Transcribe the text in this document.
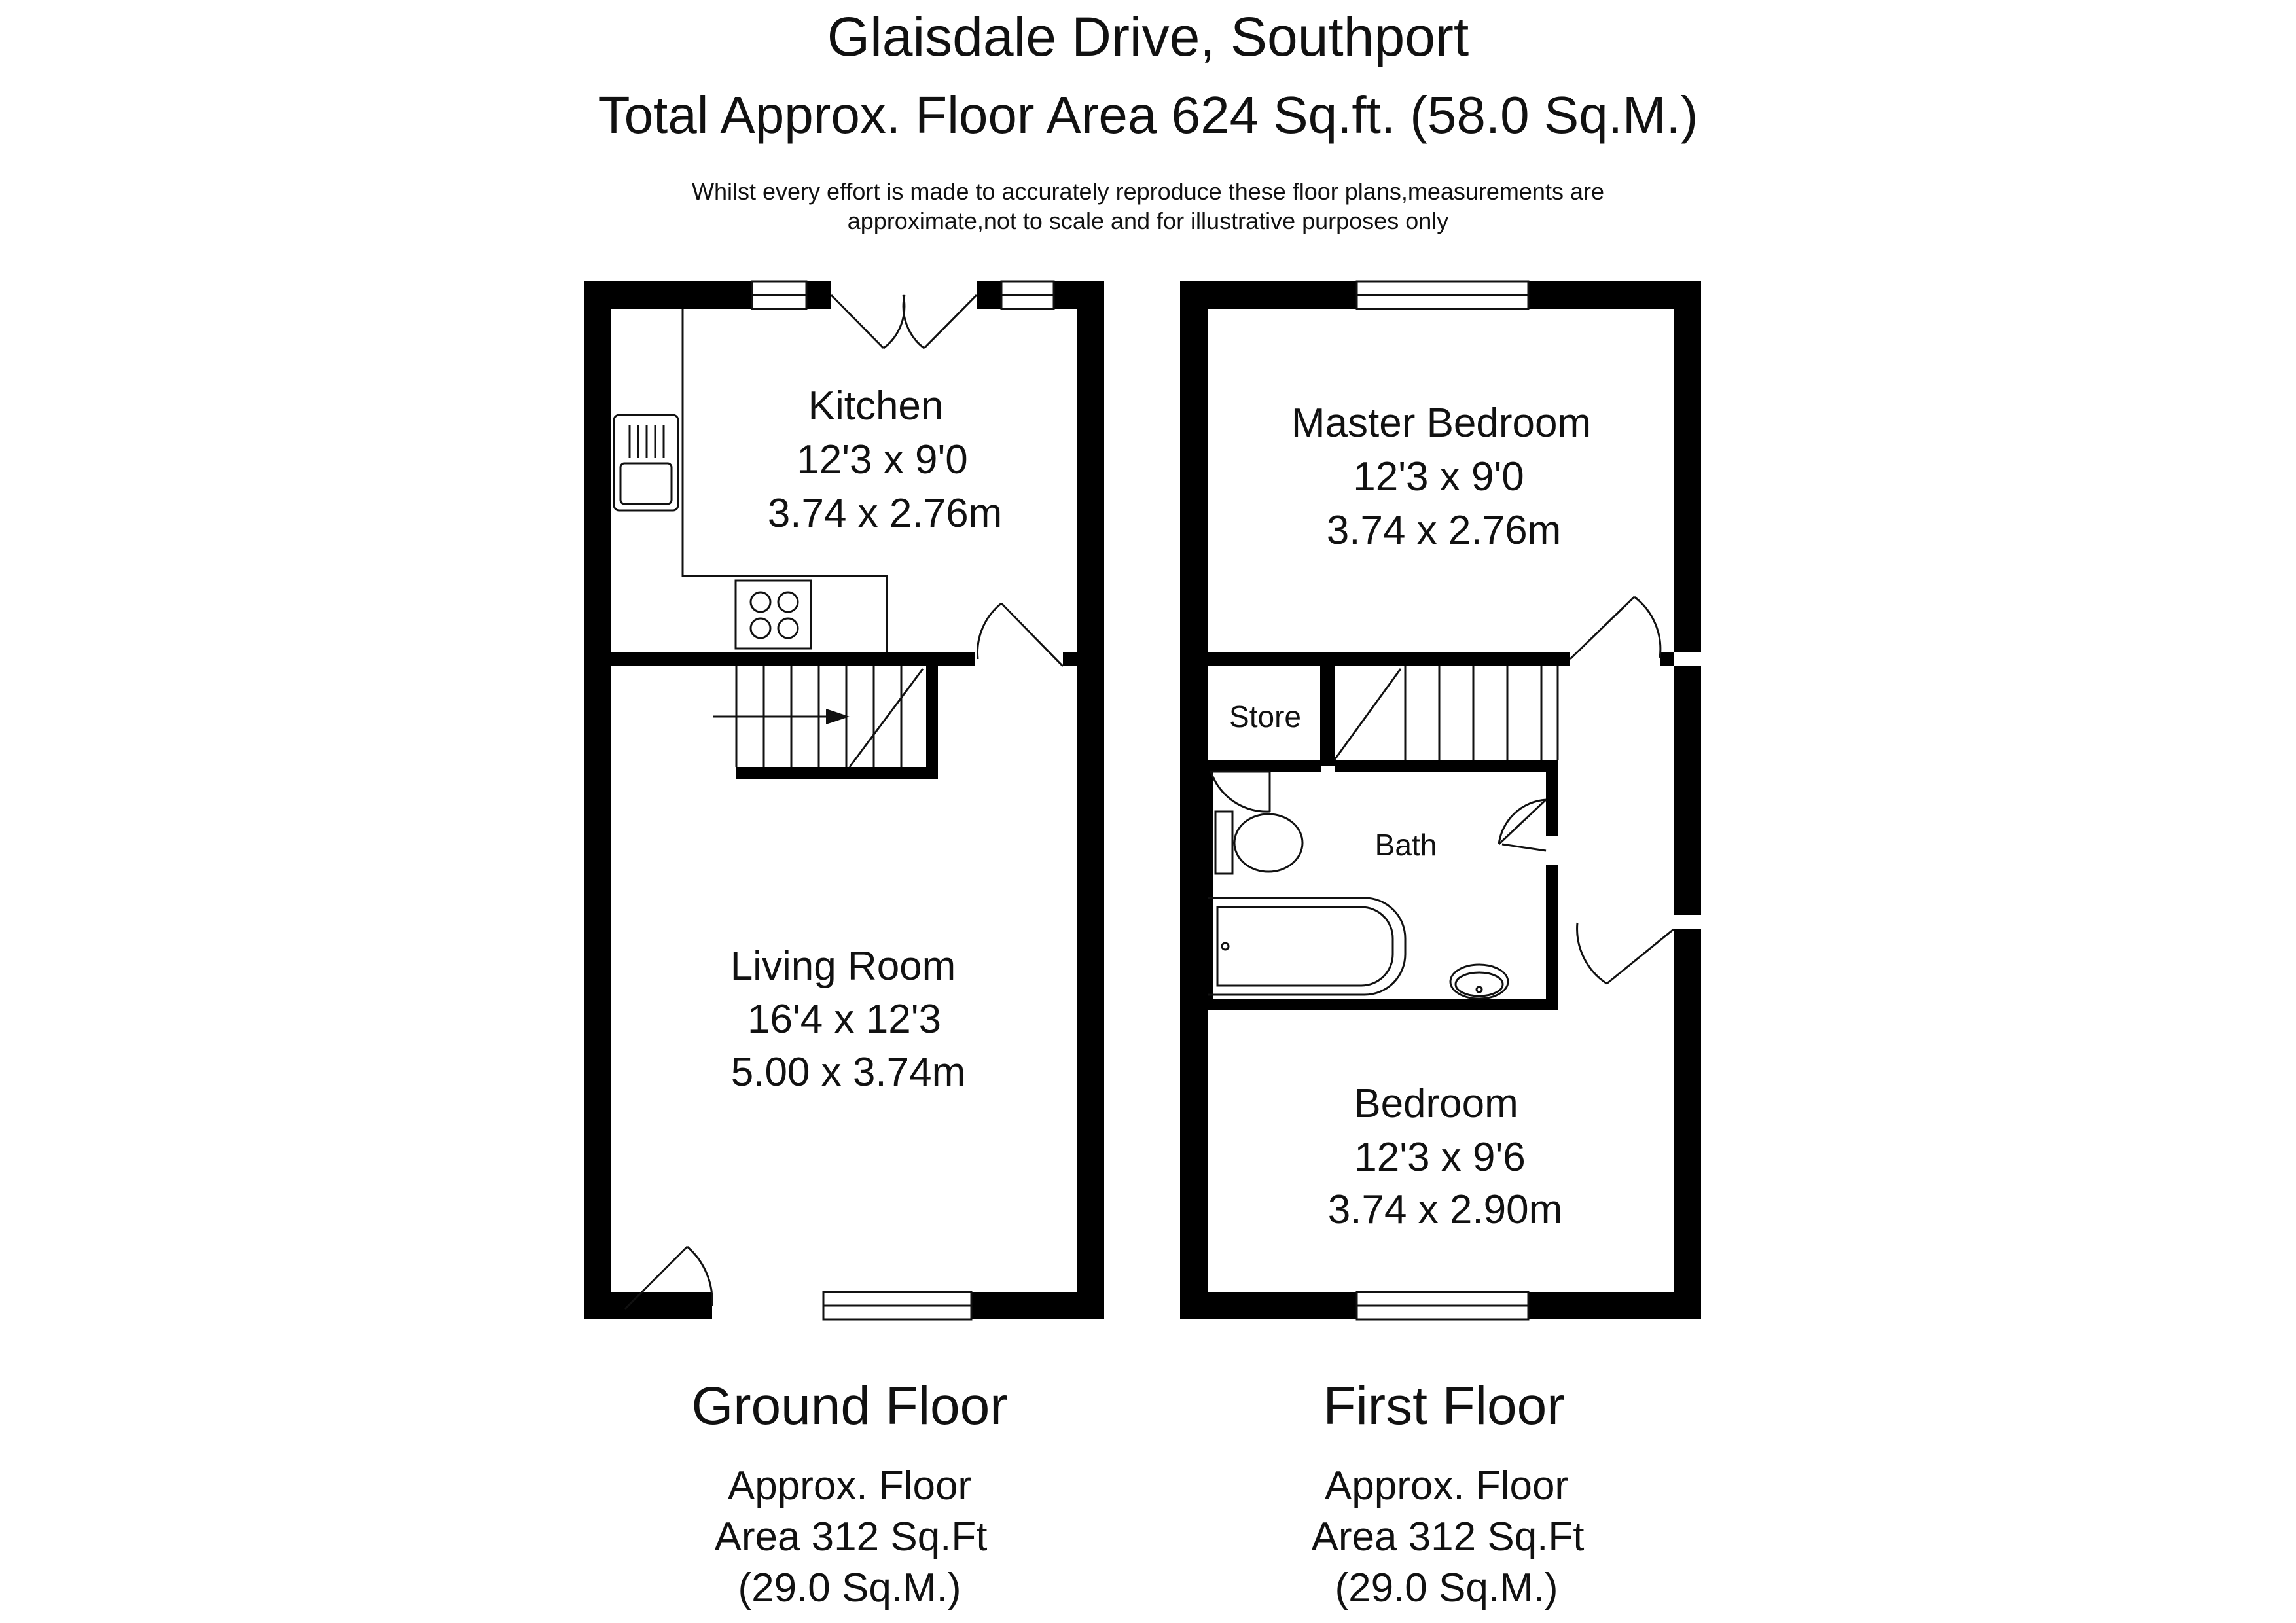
Glaisdale Drive, Southport
Total Approx. Floor Area 624 Sq.ft. (58.0 Sq.M.)
Whilst every effort is made to accurately reproduce these floor plans,measurements are
approximate,not to scale and for illustrative purposes only
Kitchen
12'3 x 9'0
3.74 x 2.76m
Living Room
16'4 x 12'3
5.00 x 3.74m
Master Bedroom
12'3 x 9'0
3.74 x 2.76m
Store
Bath
Bedroom
12'3 x 9'6
3.74 x 2.90m
Ground Floor
Approx. Floor
Area 312 Sq.Ft
(29.0 Sq.M.)
First Floor
Approx. Floor
Area 312 Sq.Ft
(29.0 Sq.M.)
